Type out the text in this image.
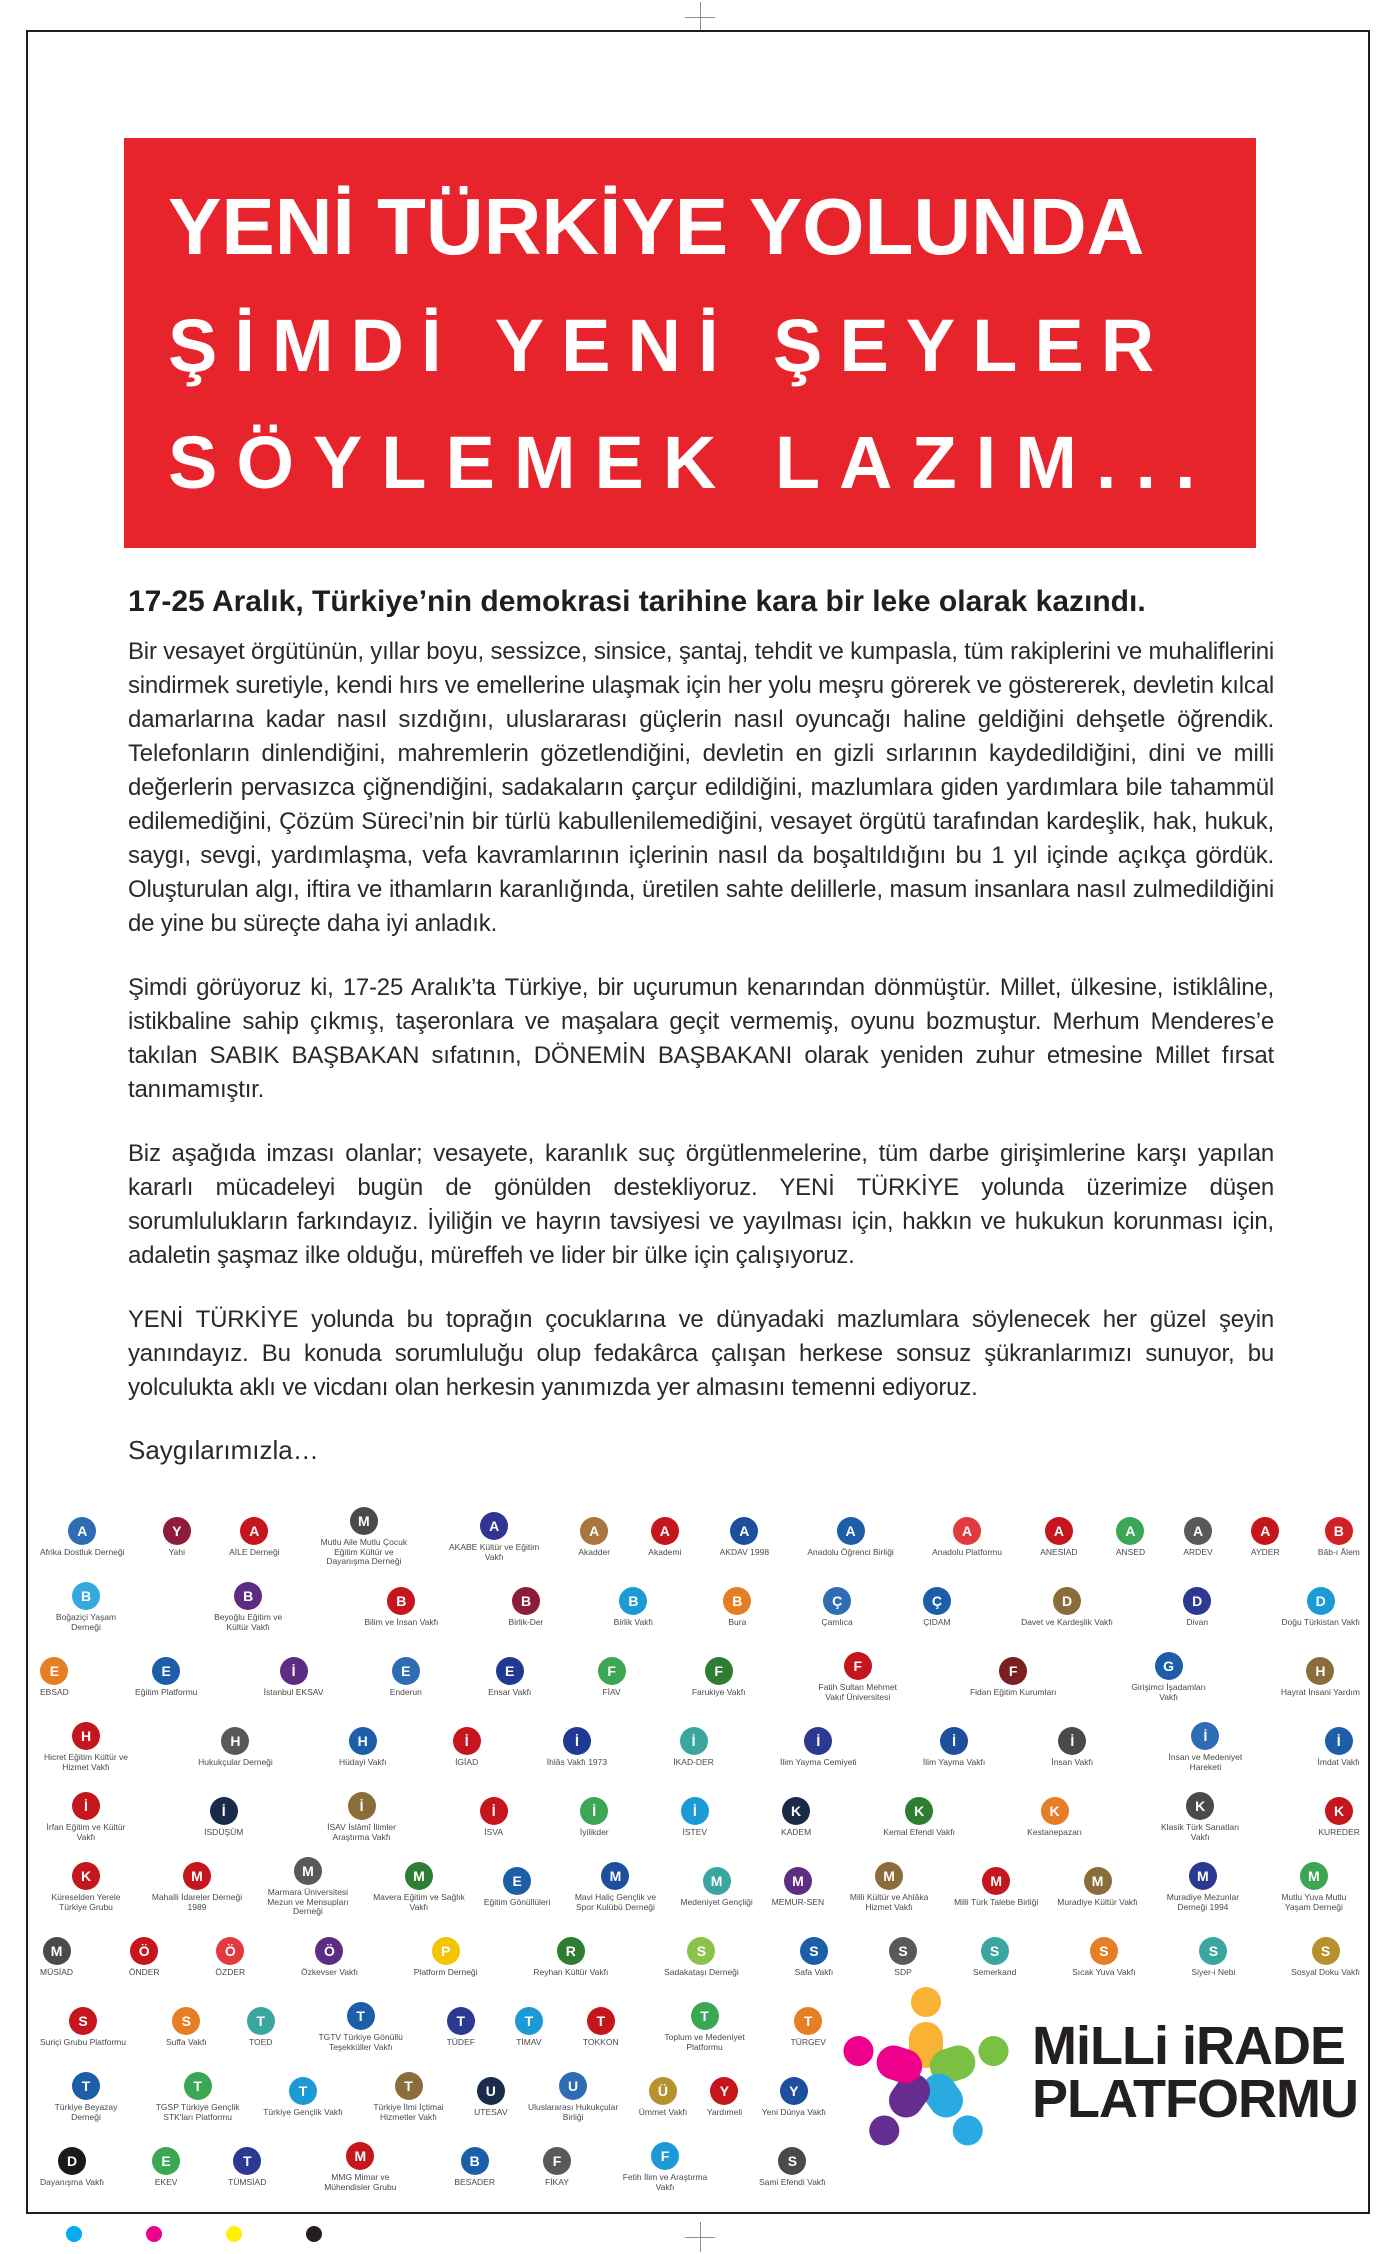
YENİ TÜRKİYE YOLUNDA
ŞİMDİ YENİ ŞEYLER
SÖYLEMEK LAZIM...

17-25 Aralık, Türkiye’nin demokrasi tarihine kara bir leke olarak kazındı.

Bir vesayet örgütünün, yıllar boyu, sessizce, sinsice, şantaj, tehdit ve kumpasla, tüm rakiplerini ve muhaliflerini sindirmek suretiyle, kendi hırs ve emellerine ulaşmak için her yolu meşru görerek ve göstererek, devletin kılcal damarlarına kadar nasıl sızdığını, uluslararası güçlerin nasıl oyuncağı haline geldiğini dehşetle öğrendik. Telefonların dinlendiğini, mahremlerin gözetlendiğini, devletin en gizli sırlarının kaydedildiğini, dini ve milli değerlerin pervasızca çiğnendiğini, sadakaların çarçur edildiğini, mazlumlara giden yardımlara bile tahammül edilemediğini, Çözüm Süreci’nin bir türlü kabullenilemediğini, vesayet örgütü tarafından kardeşlik, hak, hukuk, saygı, sevgi, yardımlaşma, vefa kavramlarının içlerinin nasıl da boşaltıldığını bu 1 yıl içinde açıkça gördük. Oluşturulan algı, iftira ve ithamların karanlığında, üretilen sahte delillerle, masum insanlara nasıl zulmedildiğini de yine bu süreçte daha iyi anladık.

Şimdi görüyoruz ki, 17-25 Aralık’ta Türkiye, bir uçurumun kenarından dönmüştür. Millet, ülkesine, istiklâline, istikbaline sahip çıkmış, taşeronlara ve maşalara geçit vermemiş, oyunu bozmuştur. Merhum Menderes’e takılan SABIK BAŞBAKAN sıfatının, DÖNEMİN BAŞBAKANI olarak yeniden zuhur etmesine Millet fırsat tanımamıştır.

Biz aşağıda imzası olanlar; vesayete, karanlık suç örgütlenmelerine, tüm darbe girişimlerine karşı yapılan kararlı mücadeleyi bugün de gönülden destekliyoruz. YENİ TÜRKİYE yolunda üzerimize düşen sorumlulukların farkındayız. İyiliğin ve hayrın tavsiyesi ve yayılması için, hakkın ve hukukun korunması için, adaletin şaşmaz ilke olduğu, müreffeh ve lider bir ülke için çalışıyoruz.

YENİ TÜRKİYE yolunda bu toprağın çocuklarına ve dünyadaki mazlumlara söylenecek her güzel şeyin yanındayız. Bu konuda sorumluluğu olup fedakârca çalışan herkese sonsuz şükranlarımızı sunuyor, bu yolculukta aklı ve vicdanı olan herkesin yanımızda yer almasını temenni ediyoruz.

Saygılarımızla…

A
Afrika Dostluk Derneği
Y
Yahi
A
AİLE Derneği
M
Mutlu Aile Mutlu Çocuk Eğitim Kültür ve Dayanışma Derneği
A
AKABE Kültür ve Eğitim Vakfı
A
Akadder
A
Akademi
A
AKDAV 1998
A
Anadolu Öğrenci Birliği
A
Anadolu Platformu
A
ANESİAD
A
ANSED
A
ARDEV
A
AYDER
B
Bâb-ı Âlem
B
Boğaziçi Yaşam Derneği
B
Beyoğlu Eğitim ve Kültür Vakfı
B
Bilim ve İnsan Vakfı
B
Birlik-Der
B
Birlik Vakfı
B
Bura
Ç
Çamlıca
Ç
ÇIDAM
D
Davet ve Kardeşlik Vakfı
D
Divan
D
Doğu Türkistan Vakfı
E
EBSAD
E
Eğitim Platformu
İ
İstanbul EKSAV
E
Enderun
E
Ensar Vakfı
F
FİAV
F
Farukiye Vakfı
F
Fatih Sultan Mehmet Vakıf Üniversitesi
F
Fidan Eğitim Kurumları
G
Girişimci İşadamları Vakfı
H
Hayrat İnsani Yardım
H
Hicret Eğitim Kültür ve Hizmet Vakfı
H
Hukukçular Derneği
H
Hüdayi Vakfı
İ
İGİAD
İ
İhlâs Vakfı 1973
İ
İKAD-DER
İ
İlim Yayma Cemiyeti
İ
İlim Yayma Vakfı
İ
İnsan Vakfı
İ
İnsan ve Medeniyet Hareketi
İ
İmdat Vakfı
İ
İrfan Eğitim ve Kültür Vakfı
İ
İSDÜŞÜM
İ
İSAV İslâmî İlimler Araştırma Vakfı
İ
İSVA
İ
İyilikder
İ
İSTEV
K
KADEM
K
Kemal Efendi Vakfı
K
Kestanepazarı
K
Klasik Türk Sanatları Vakfı
K
KUREDER
K
Küreselden Yerele Türkiye Grubu
M
Mahalli İdareler Derneği 1989
M
Marmara Üniversitesi Mezun ve Mensupları Derneği
M
Mavera Eğitim ve Sağlık Vakfı
E
Eğitim Gönüllüleri
M
Mavi Haliç Gençlik ve Spor Kulübü Derneği
M
Medeniyet Gençliği
M
MEMUR-SEN
M
Milli Kültür ve Ahlâka Hizmet Vakfı
M
Milli Türk Talebe Birliği
M
Muradiye Kültür Vakfı
M
Muradiye Mezunlar Derneği 1994
M
Mutlu Yuva Mutlu Yaşam Derneği
M
MÜSİAD
Ö
ÖNDER
Ö
ÖZDER
Ö
Özkevser Vakfı
P
Platform Derneği
R
Reyhan Kültür Vakfı
S
Sadakataşı Derneği
S
Safa Vakfı
S
SDP
S
Semerkand
S
Sıcak Yuva Vakfı
S
Siyer-i Nebi
S
Sosyal Doku Vakfı
S
Suriçi Grubu Platformu
S
Suffa Vakfı
T
TOED
T
TGTV Türkiye Gönüllü Teşekküller Vakfı
T
TÜDEF
T
TİMAV
T
TOKKON
T
Toplum ve Medeniyet Platformu
T
TÜRGEV
T
Türkiye Beyazay Derneği
T
TGSP Türkiye Gençlik STK'ları Platformu
T
Türkiye Gençlik Vakfı
T
Türkiye İlmi İçtimai Hizmetler Vakfı
U
UTESAV
U
Uluslararası Hukukçular Birliği
Ü
Ümmet Vakfı
Y
Yardımeli
Y
Yeni Dünya Vakfı
D
Dayanışma Vakfı
E
EKEV
T
TÜMSİAD
M
MMG Mimar ve Mühendisler Grubu
B
BESADER
F
FİKAY
F
Fetih İlim ve Araştırma Vakfı
S
Sami Efendi Vakfı
MiLLi iRADE
PLATFORMU
